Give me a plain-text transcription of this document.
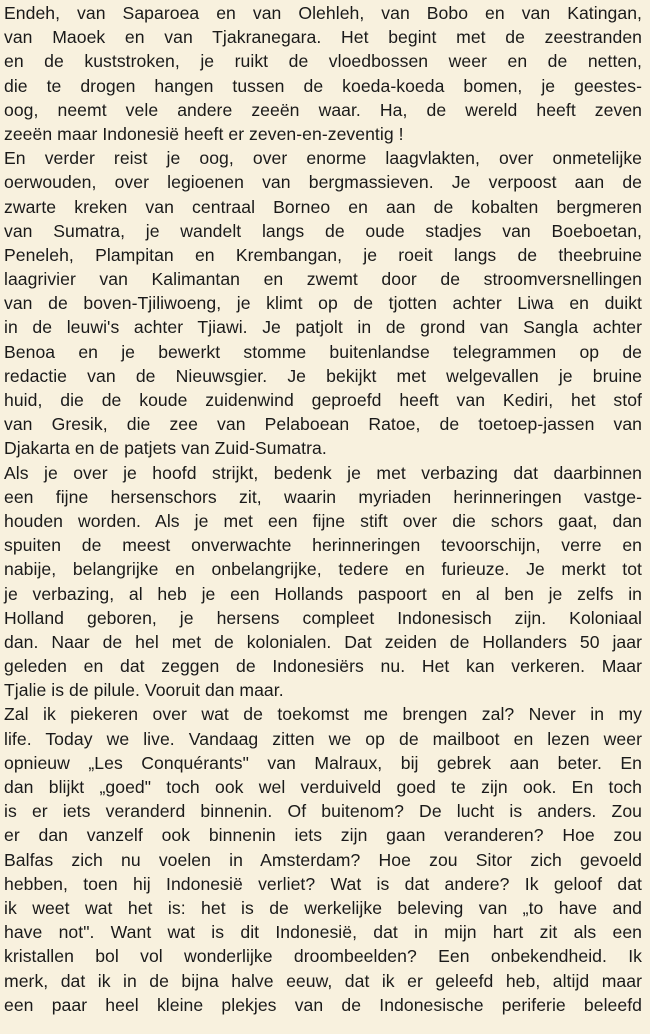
Endeh, van Saparoea en van Olehleh, van Bobo en van Katingan,
van Maoek en van Tjakranegara. Het begint met de zeestranden
en de kuststroken, je ruikt de vloedbossen weer en de netten,
die te drogen hangen tussen de koeda-koeda bomen, je geestes-
oog, neemt vele andere zeeën waar. Ha, de wereld heeft zeven
zeeën maar Indonesië heeft er zeven-en-zeventig !
En verder reist je oog, over enorme laagvlakten, over onmetelijke
oerwouden, over legioenen van bergmassieven. Je verpoost aan de
zwarte kreken van centraal Borneo en aan de kobalten bergmeren
van Sumatra, je wandelt langs de oude stadjes van Boeboetan,
Peneleh, Plampitan en Krembangan, je roeit langs de theebruine
laagrivier van Kalimantan en zwemt door de stroomversnellingen
van de boven-Tjiliwoeng, je klimt op de tjotten achter Liwa en duikt
in de leuwi's achter Tjiawi. Je patjolt in de grond van Sangla achter
Benoa en je bewerkt stomme buitenlandse telegrammen op de
redactie van de Nieuwsgier. Je bekijkt met welgevallen je bruine
huid, die de koude zuidenwind geproefd heeft van Kediri, het stof
van Gresik, die zee van Pelaboean Ratoe, de toetoep-jassen van
Djakarta en de patjets van Zuid-Sumatra.
Als je over je hoofd strijkt, bedenk je met verbazing dat daarbinnen
een fijne hersenschors zit, waarin myriaden herinneringen vastge-
houden worden. Als je met een fijne stift over die schors gaat, dan
spuiten de meest onverwachte herinneringen tevoorschijn, verre en
nabije, belangrijke en onbelangrijke, tedere en furieuze. Je merkt tot
je verbazing, al heb je een Hollands paspoort en al ben je zelfs in
Holland geboren, je hersens compleet Indonesisch zijn. Koloniaal
dan. Naar de hel met de kolonialen. Dat zeiden de Hollanders 50 jaar
geleden en dat zeggen de Indonesiërs nu. Het kan verkeren. Maar
Tjalie is de pilule. Vooruit dan maar.
Zal ik piekeren over wat de toekomst me brengen zal? Never in my
life. Today we live. Vandaag zitten we op de mailboot en lezen weer
opnieuw „Les Conquérants" van Malraux, bij gebrek aan beter. En
dan blijkt „goed" toch ook wel verduiveld goed te zijn ook. En toch
is er iets veranderd binnenin. Of buitenom? De lucht is anders. Zou
er dan vanzelf ook binnenin iets zijn gaan veranderen? Hoe zou
Balfas zich nu voelen in Amsterdam? Hoe zou Sitor zich gevoeld
hebben, toen hij Indonesië verliet? Wat is dat andere? Ik geloof dat
ik weet wat het is: het is de werkelijke beleving van „to have and
have not". Want wat is dit Indonesië, dat in mijn hart zit als een
kristallen bol vol wonderlijke droombeelden? Een onbekendheid. Ik
merk, dat ik in de bijna halve eeuw, dat ik er geleefd heb, altijd maar
een paar heel kleine plekjes van de Indonesische periferie beleefd
